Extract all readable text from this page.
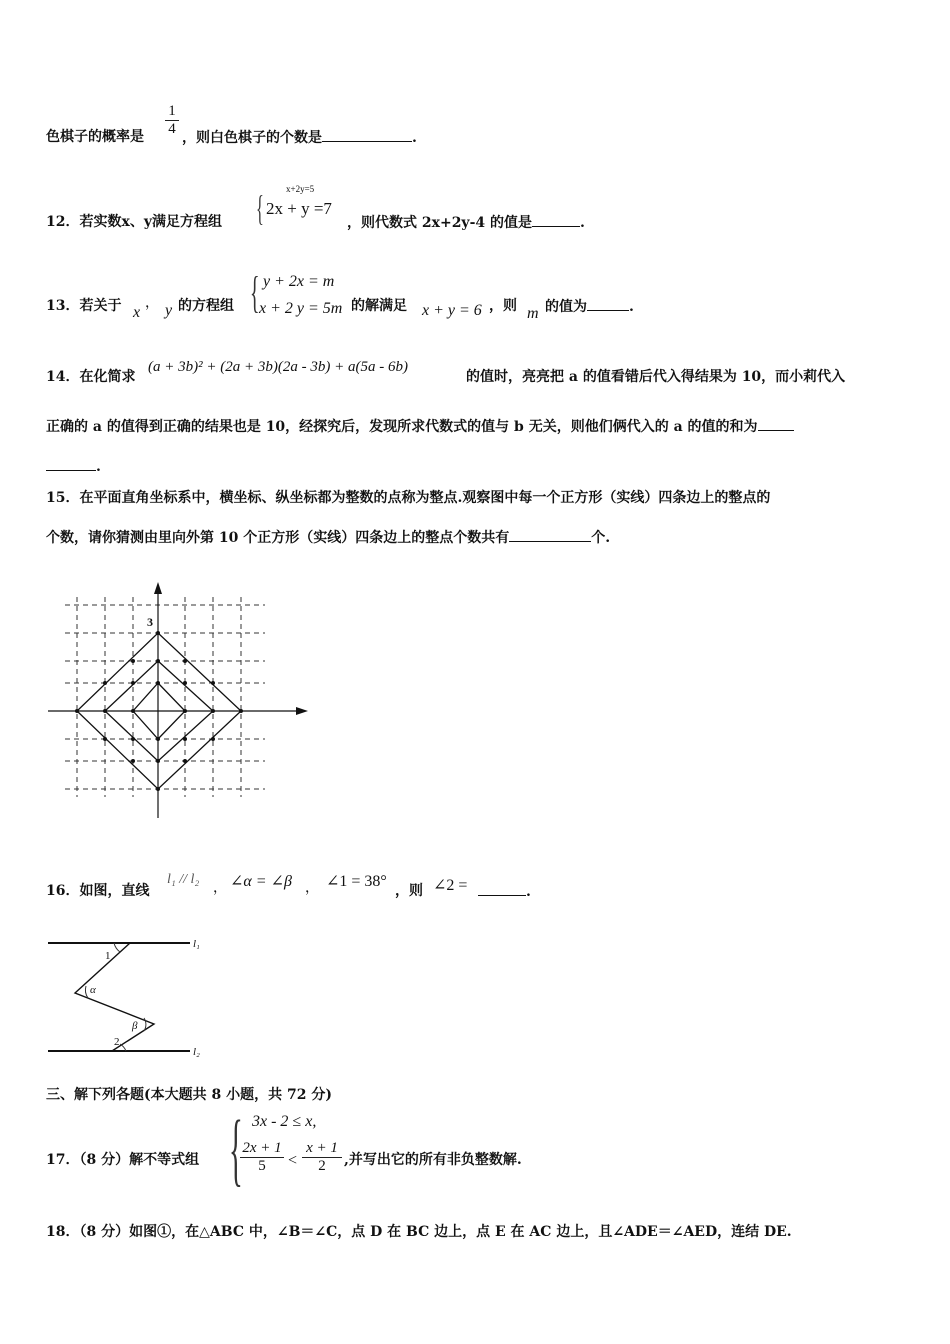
色棋子的概率是 $\frac{1}{4}$ ，则白色棋子的个数是	.
12．若实数x、y满足方程组 { x+2y=5
2x + y =7
，则代数式 2x+2y-4 的值是	.
13．若关于 x
， y 的方程组 { y + 2x = m
x + 2 y = 5m 的解满足 x + y = 6 ，则 m 的值为	.
14．在化简求
(a + 3b)² + (2a + 3b)(2a - 3b) + a(5a - 6b)
的值时，亮亮把 a 的值看错后代入得结果为 10，而小莉代入
正确的 a 的值得到正确的结果也是 10，经探究后，发现所求代数式的值与 b 无关，则他们俩代入的 a 的值的和为
.
15．在平面直角坐标系中，横坐标、纵坐标都为整数的点称为整点.观察图中每一个正方形（实线）四条边上的整点的
个数，请你猜测由里向外第 10 个正方形（实线）四条边上的整点个数共有	个.
3
16．如图，直线
l₁ // l₂
， ∠α = ∠β ， ∠1 = 38°
，则 ∠2 =	.
l₁
l₂
1
α
β
2
三、解下列各题(本大题共 8 小题，共 72 分)
17．（8 分）解不等式组 { 3x - 2 ≤ x,
$\frac{2x + 1}{5} < \frac{x + 1}{2}$ ,并写出它的所有非负整数解.
18．（8 分）如图①，在△ABC 中，∠B＝∠C，点 D 在 BC 边上，点 E 在 AC 边上，且∠ADE＝∠AED，连结 DE.
